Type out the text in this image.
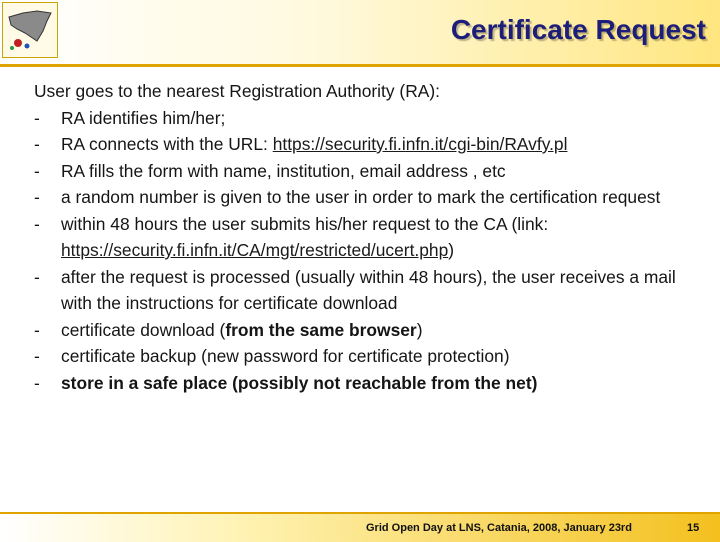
Certificate Request

User goes to the nearest Registration Authority (RA):

- RA identifies him/her;
- RA connects with the URL: https://security.fi.infn.it/cgi-bin/RAvfy.pl
- RA fills the form with name, institution, email address , etc
- a random number is given to the user in order to mark the certification request
- within 48 hours the user submits his/her request to the CA (link: https://security.fi.infn.it/CA/mgt/restricted/ucert.php)
- after the request is processed (usually within 48 hours), the user receives a mail with the instructions for certificate download
- certificate download (from the same browser)
- certificate backup (new password for certificate protection)
- store in a safe place (possibly not reachable from the net)
Grid Open Day at LNS, Catania, 2008, January 23rd	15
